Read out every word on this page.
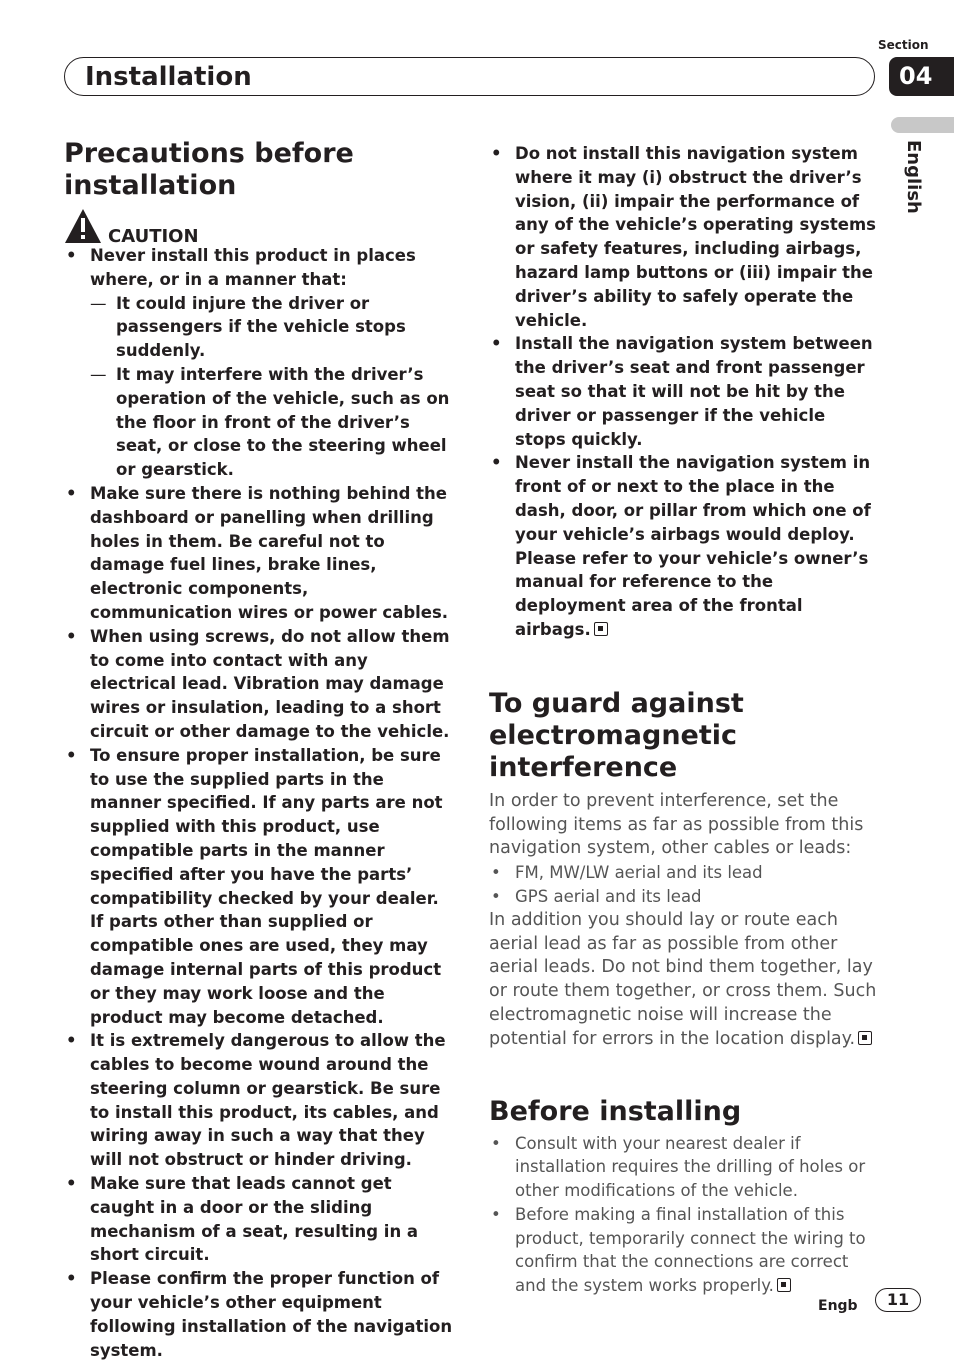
Section
04
Installation
English
Precautions before
installation
CAUTION
• Never install this product in places where, or in a manner that:
— It could injure the driver or passengers if the vehicle stops suddenly.
— It may interfere with the driver’s operation of the vehicle, such as on the floor in front of the driver’s seat, or close to the steering wheel or gearstick.
• Make sure there is nothing behind the dashboard or panelling when drilling holes in them. Be careful not to damage fuel lines, brake lines, electronic components, communication wires or power cables.
• When using screws, do not allow them to come into contact with any electrical lead. Vibration may damage wires or insulation, leading to a short circuit or other damage to the vehicle.
• To ensure proper installation, be sure to use the supplied parts in the manner specified. If any parts are not supplied with this product, use compatible parts in the manner specified after you have the parts’ compatibility checked by your dealer. If parts other than supplied or compatible ones are used, they may damage internal parts of this product or they may work loose and the product may become detached.
• It is extremely dangerous to allow the cables to become wound around the steering column or gearstick. Be sure to install this product, its cables, and wiring away in such a way that they will not obstruct or hinder driving.
• Make sure that leads cannot get caught in a door or the sliding mechanism of a seat, resulting in a short circuit.
• Please confirm the proper function of your vehicle’s other equipment following installation of the navigation system.
• Do not install this navigation system where it may (i) obstruct the driver’s vision, (ii) impair the performance of any of the vehicle’s operating systems or safety features, including airbags, hazard lamp buttons or (iii) impair the driver’s ability to safely operate the vehicle.
• Install the navigation system between the driver’s seat and front passenger seat so that it will not be hit by the driver or passenger if the vehicle stops quickly.
• Never install the navigation system in front of or next to the place in the dash, door, or pillar from which one of your vehicle’s airbags would deploy. Please refer to your vehicle’s owner’s manual for reference to the deployment area of the frontal airbags.
To guard against
electromagnetic interference

In order to prevent interference, set the following items as far as possible from this navigation system, other cables or leads:

• FM, MW/LW aerial and its lead
• GPS aerial and its lead

In addition you should lay or route each aerial lead as far as possible from other aerial leads. Do not bind them together, lay or route them together, or cross them. Such electromagnetic noise will increase the potential for errors in the location display.

Before installing
• Consult with your nearest dealer if installation requires the drilling of holes or other modifications of the vehicle.
• Before making a final installation of this product, temporarily connect the wiring to confirm that the connections are correct and the system works properly.
Engb	11
